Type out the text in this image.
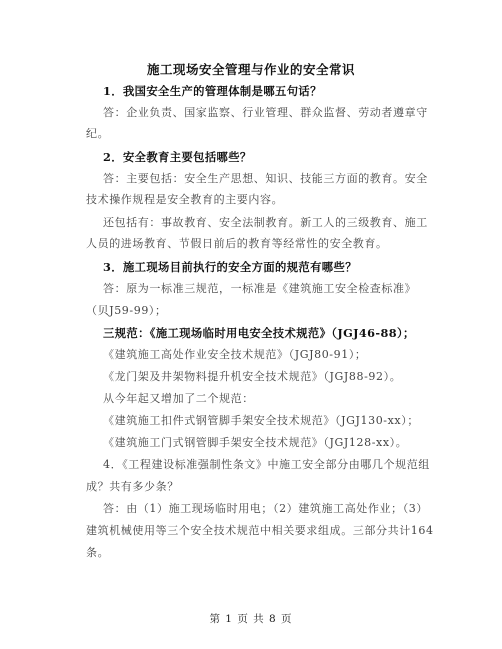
施工现场安全管理与作业的安全常识
1．我国安全生产的管理体制是哪五句话？
答：企业负责、国家监察、行业管理、群众监督、劳动者遵章守
纪。
2．安全教育主要包括哪些？
答：主要包括：安全生产思想、知识、技能三方面的教育。安全
技术操作规程是安全教育的主要内容。
还包括有：事故教育、安全法制教育。新工人的三级教育、施工
人员的进场教育、节假日前后的教育等经常性的安全教育。
3．施工现场目前执行的安全方面的规范有哪些？
答：原为一标准三规范，一标准是《建筑施工安全检查标准》
（贝J59-99）；
三规范：《施工现场临时用电安全技术规范》（JGJ46-88）；
《建筑施工高处作业安全技术规范》（JGJ80-91）；
《龙门架及井架物料提升机安全技术规范》（JGJ88-92）。
从今年起又增加了二个规范：
《建筑施工扣件式钢管脚手架安全技术规范》（JGJ130-xx）；
《建筑施工门式钢管脚手架安全技术规范》（JGJ128-xx）。
4．《工程建设标准强制性条文》中施工安全部分由哪几个规范组
成？共有多少条？
答：由（1）施工现场临时用电；（2）建筑施工高处作业；（3）
建筑机械使用等三个安全技术规范中相关要求组成。三部分共计164
条。
第 1 页 共 8 页
